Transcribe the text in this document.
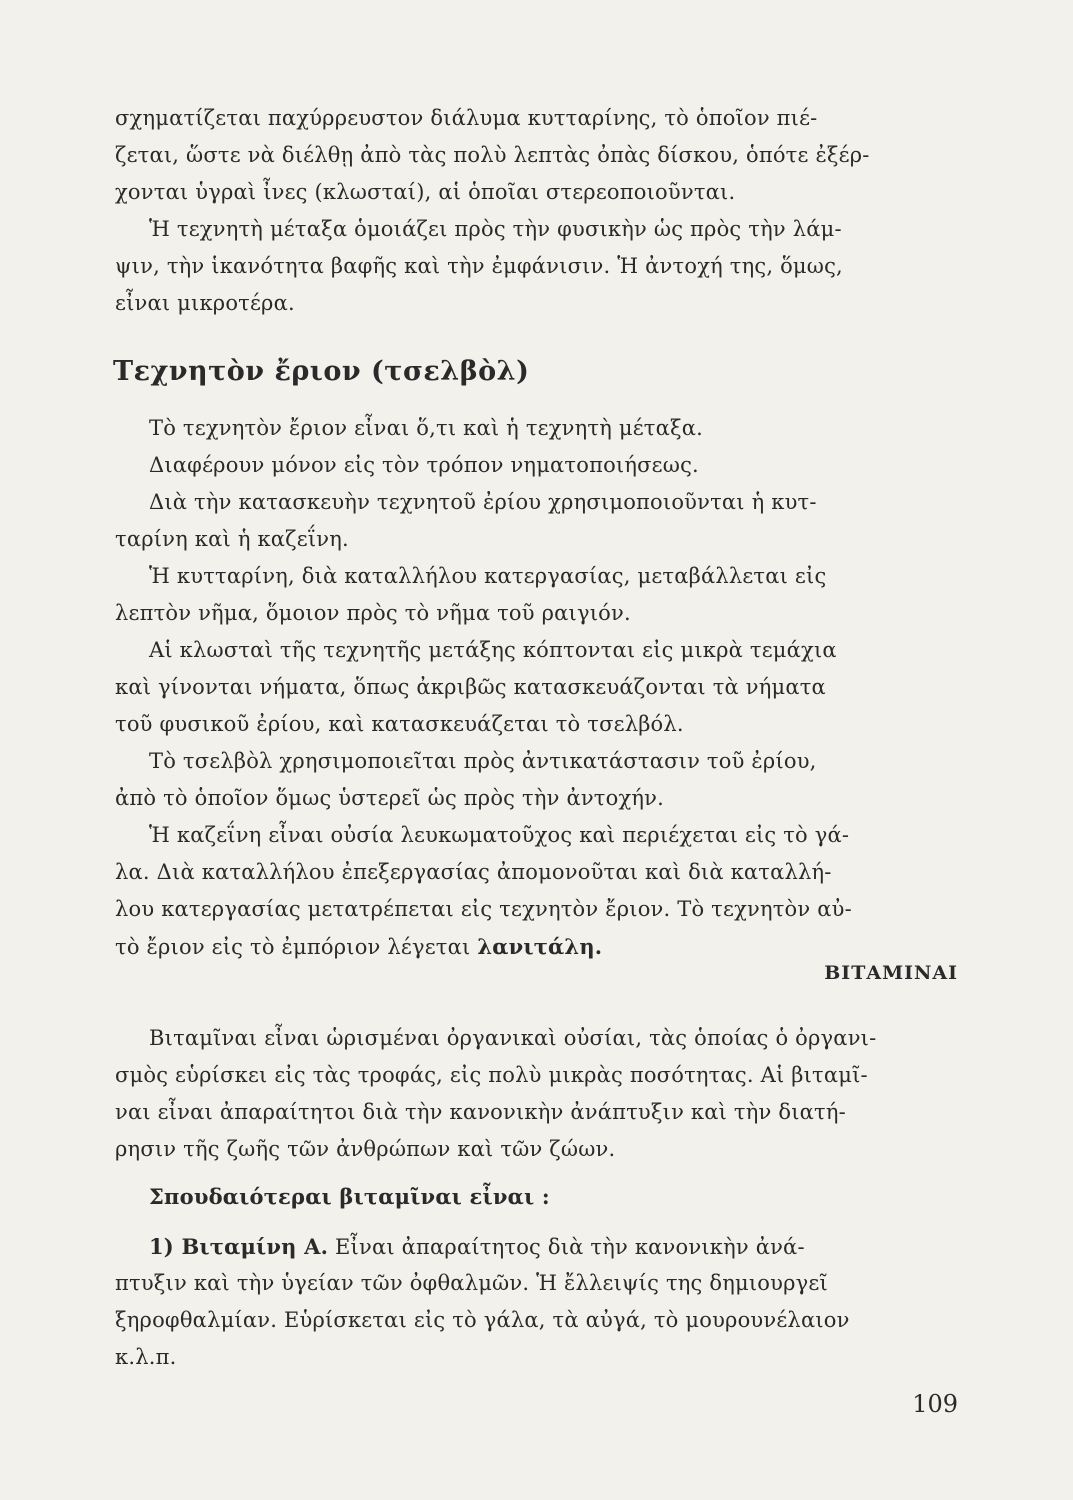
σχηματίζεται παχύρρευστον διάλυμα κυτταρίνης, τὸ ὁποῖον πιέ-
ζεται, ὥστε νὰ διέλθῃ ἀπὸ τὰς πολὺ λεπτὰς ὀπὰς δίσκου, ὁπότε ἐξέρ-
χονται ὑγραὶ ἶνες (κλωσταί), αἱ ὁποῖαι στερεοποιοῦνται.
Ἡ τεχνητὴ μέταξα ὁμοιάζει πρὸς τὴν φυσικὴν ὡς πρὸς τὴν λάμ-
ψιν, τὴν ἱκανότητα βαφῆς καὶ τὴν ἐμφάνισιν. Ἡ ἀντοχή της, ὅμως,
εἶναι μικροτέρα.
Τεχνητὸν ἔριον (τσελβὸλ)
Τὸ τεχνητὸν ἔριον εἶναι ὅ,τι καὶ ἡ τεχνητὴ μέταξα.
Διαφέρουν μόνον εἰς τὸν τρόπον νηματοποιήσεως.
Διὰ τὴν κατασκευὴν τεχνητοῦ ἐρίου χρησιμοποιοῦνται ἡ κυτ-
ταρίνη καὶ ἡ καζεΐνη.
Ἡ κυτταρίνη, διὰ καταλλήλου κατεργασίας, μεταβάλλεται εἰς
λεπτὸν νῆμα, ὅμοιον πρὸς τὸ νῆμα τοῦ ραιγιόν.
Αἱ κλωσταὶ τῆς τεχνητῆς μετάξης κόπτονται εἰς μικρὰ τεμάχια
καὶ γίνονται νήματα, ὅπως ἀκριβῶς κατασκευάζονται τὰ νήματα
τοῦ φυσικοῦ ἐρίου, καὶ κατασκευάζεται τὸ τσελβόλ.
Τὸ τσελβὸλ χρησιμοποιεῖται πρὸς ἀντικατάστασιν τοῦ ἐρίου,
ἀπὸ τὸ ὁποῖον ὅμως ὑστερεῖ ὡς πρὸς τὴν ἀντοχήν.
Ἡ καζεΐνη εἶναι οὐσία λευκωματοῦχος καὶ περιέχεται εἰς τὸ γά-
λα. Διὰ καταλλήλου ἐπεξεργασίας ἀπομονοῦται καὶ διὰ καταλλή-
λου κατεργασίας μετατρέπεται εἰς τεχνητὸν ἔριον. Τὸ τεχνητὸν αὐ-
τὸ ἔριον εἰς τὸ ἐμπόριον λέγεται λανιτάλη.
ΒΙΤΑΜΙΝΑΙ
Βιταμῖναι εἶναι ὡρισμέναι ὀργανικαὶ οὐσίαι, τὰς ὁποίας ὁ ὀργανι-
σμὸς εὑρίσκει εἰς τὰς τροφάς, εἰς πολὺ μικρὰς ποσότητας. Αἱ βιταμῖ-
ναι εἶναι ἀπαραίτητοι διὰ τὴν κανονικὴν ἀνάπτυξιν καὶ τὴν διατή-
ρησιν τῆς ζωῆς τῶν ἀνθρώπων καὶ τῶν ζώων.
Σπουδαιότεραι βιταμῖναι εἶναι :
1) Βιταμίνη Α. Εἶναι ἀπαραίτητος διὰ τὴν κανονικὴν ἀνά-
πτυξιν καὶ τὴν ὑγείαν τῶν ὀφθαλμῶν. Ἡ ἔλλειψίς της δημιουργεῖ
ξηροφθαλμίαν. Εὑρίσκεται εἰς τὸ γάλα, τὰ αὐγά, τὸ μουρουνέλαιον
κ.λ.π.
109
